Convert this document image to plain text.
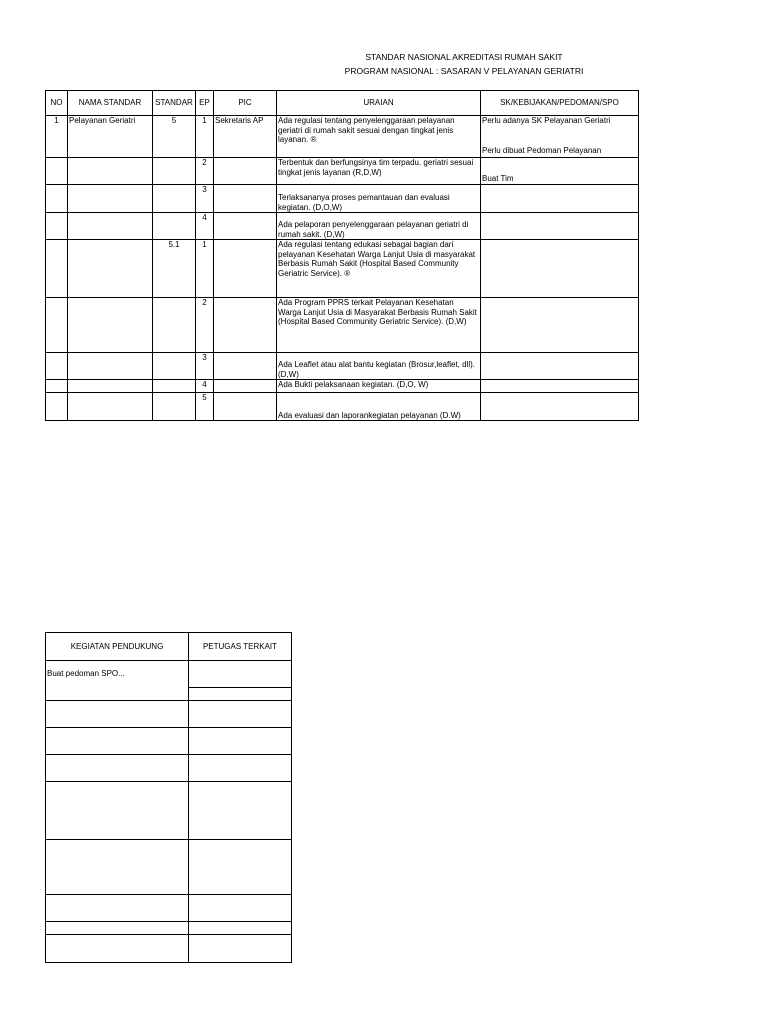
STANDAR NASIONAL AKREDITASI RUMAH SAKIT
PROGRAM NASIONAL : SASARAN V PELAYANAN GERIATRI
NO	NAMA STANDAR	STANDAR	EP	PIC	URAIAN	SK/KEBIJAKAN/PEDOMAN/SPO
1	Pelayanan Geriatri	5	1	Sekretaris AP	Ada regulasi tentang penyelenggaraan pelayanan geriatri di rumah sakit sesuai dengan tingkat jenis layanan. ®	Perlu adanya SK Pelayanan Geriatri
Perlu dibuat Pedoman Pelayanan

			2		Terbentuk dan berfungsinya tim terpadu. geriatri sesuai tingkat jenis layanan (R,D,W)	Buat Tim

			3		Terlaksananya proses pemantauan dan evaluasi kegiatan. (D,O,W)	
			4		Ada pelaporan penyelenggaraan pelayanan geriatri di rumah sakit. (D,W)	
		5.1	1		Ada regulasi tentang edukasi sebagai bagian dari pelayanan Kesehatan Warga Lanjut Usia di masyarakat Berbasis Rumah Sakit (Hospital Based Community Geriatric Service). ®	
			2		Ada Program PPRS terkait Pelayanan Kesehatan Warga Lanjut Usia di Masyarakat Berbasis Rumah Sakit (Hospital Based Community Geriatric Service). (D,W)	
			3		Ada Leaflet atau alat bantu kegiatan (Brosur,leaflet, dll). (D,W)	
			4		Ada Bukti pelaksanaan kegiatan. (D,O, W)	
			5		Ada evaluasi dan laporankegiatan pelayanan (D.W)	
KEGIATAN PENDUKUNG	PETUGAS TERKAIT
Buat pedoman SPO...	
